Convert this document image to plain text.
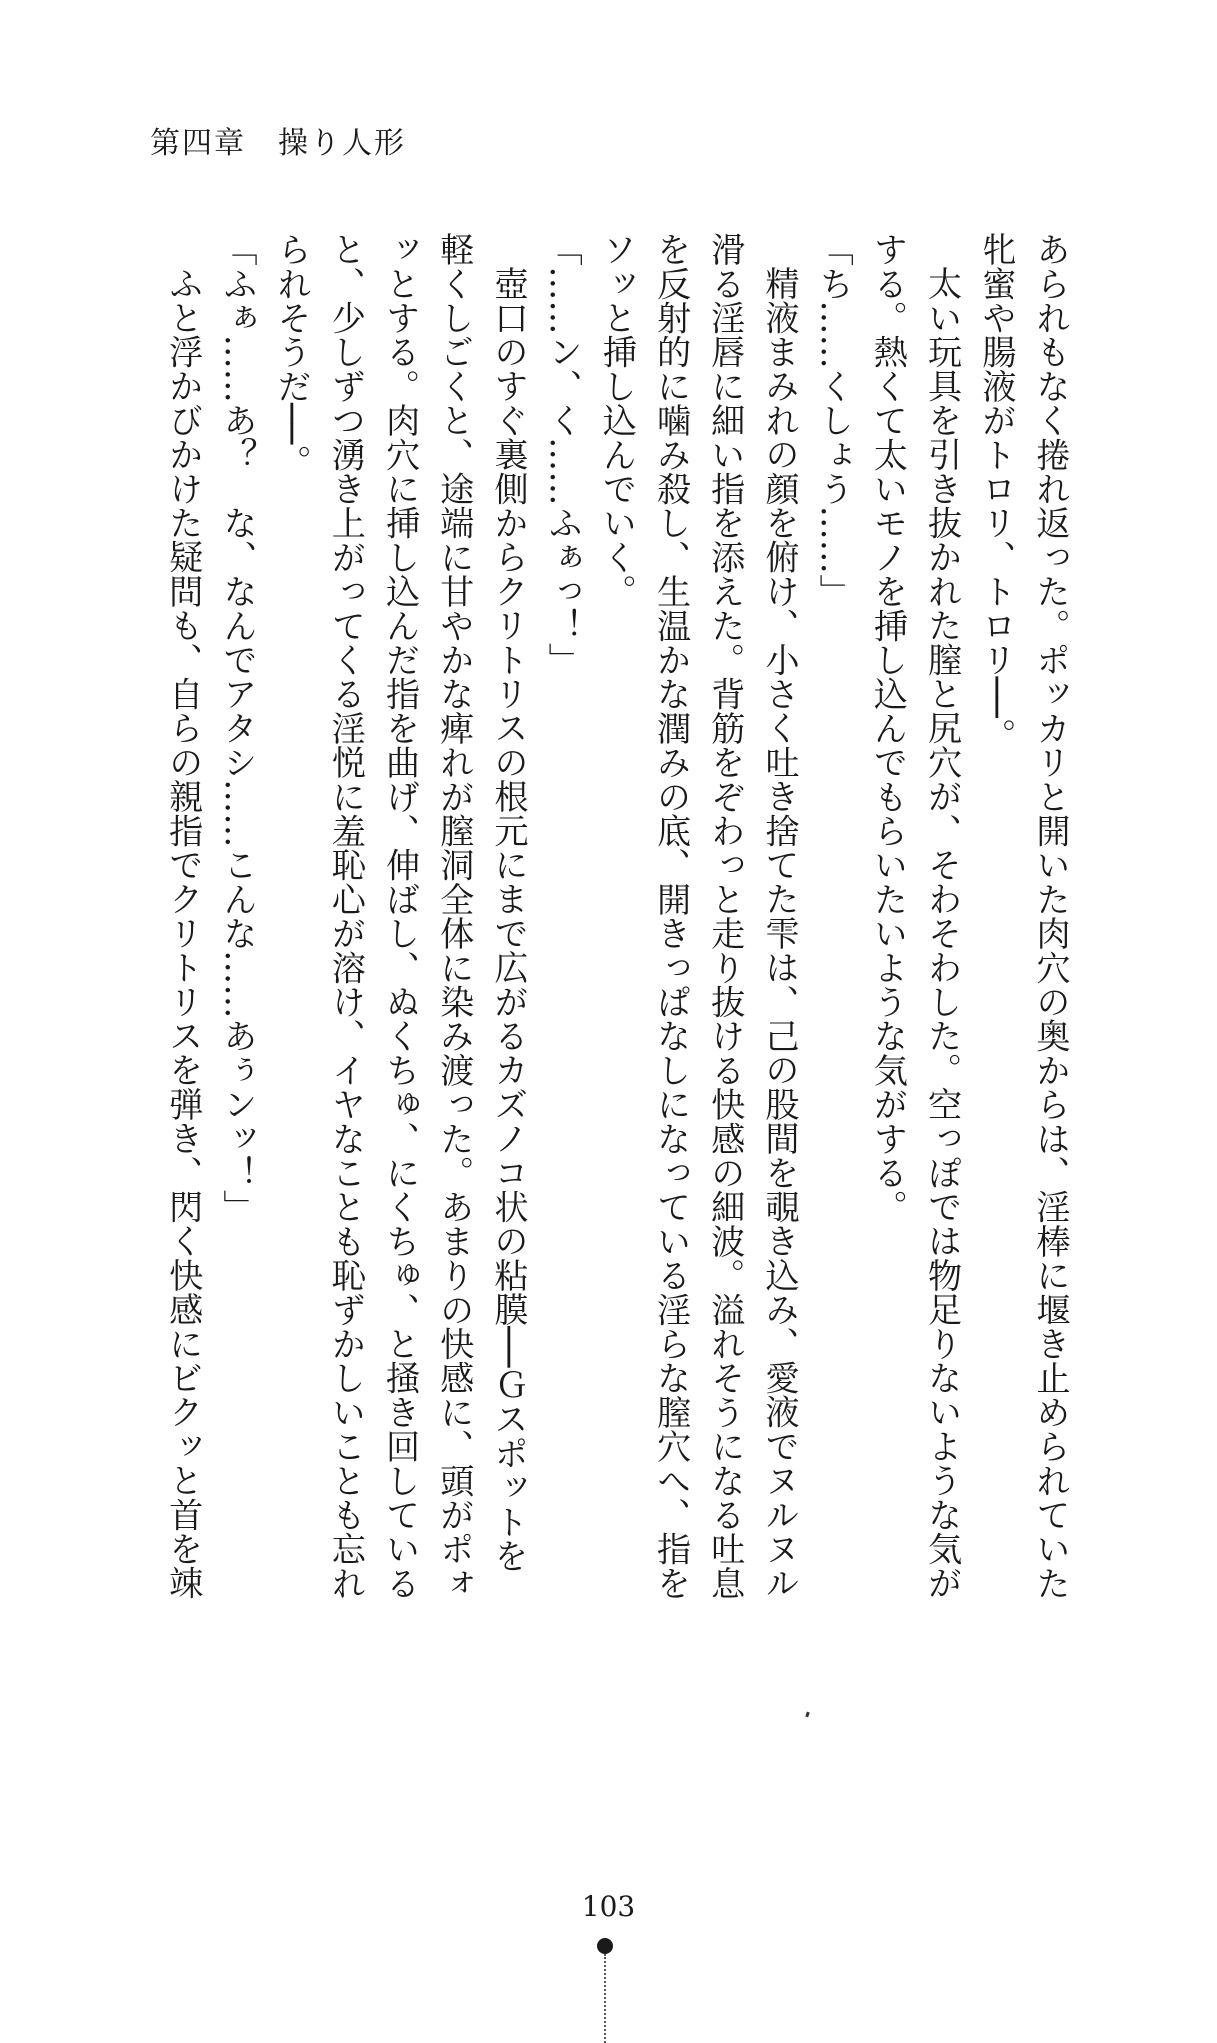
第四章　操り人形

あられもなく捲れ返った。ポッカリと開いた肉穴の奥からは、淫棒に堰き止められていた

牝蜜や腸液がトロリ、トロリ──。

太い玩具を引き抜かれた膣と尻穴が、そわそわした。空っぽでは物足りないような気が

する。熱くて太いモノを挿し込んでもらいたいような気がする。

「ち……くしょう……」

精液まみれの顔を俯け、小さく吐き捨てた雫は、己の股間を覗き込み、愛液でヌルヌル

滑る淫唇に細い指を添えた。背筋をぞわっと走り抜ける快感の細波。溢れそうになる吐息

を反射的に噛み殺し、生温かな潤みの底、開きっぱなしになっている淫らな膣穴へ、指を

ソッと挿し込んでいく。

「……ン、く……ふぁっ！」

壺口のすぐ裏側からクリトリスの根元にまで広がるカズノコ状の粘膜──Ｇスポットを

軽くしごくと、途端に甘やかな痺れが膣洞全体に染み渡った。あまりの快感に、頭がポォ

ッとする。肉穴に挿し込んだ指を曲げ、伸ばし、ぬくちゅ、にくちゅ、と掻き回している

と、少しずつ湧き上がってくる淫悦に羞恥心が溶け、イヤなことも恥ずかしいことも忘れ

られそうだ──。

「ふぁ……あ？　な、なんでアタシ……こんな……あぅンッ！」

ふと浮かびかけた疑問も、自らの親指でクリトリスを弾き、閃く快感にビクッと首を竦

103
